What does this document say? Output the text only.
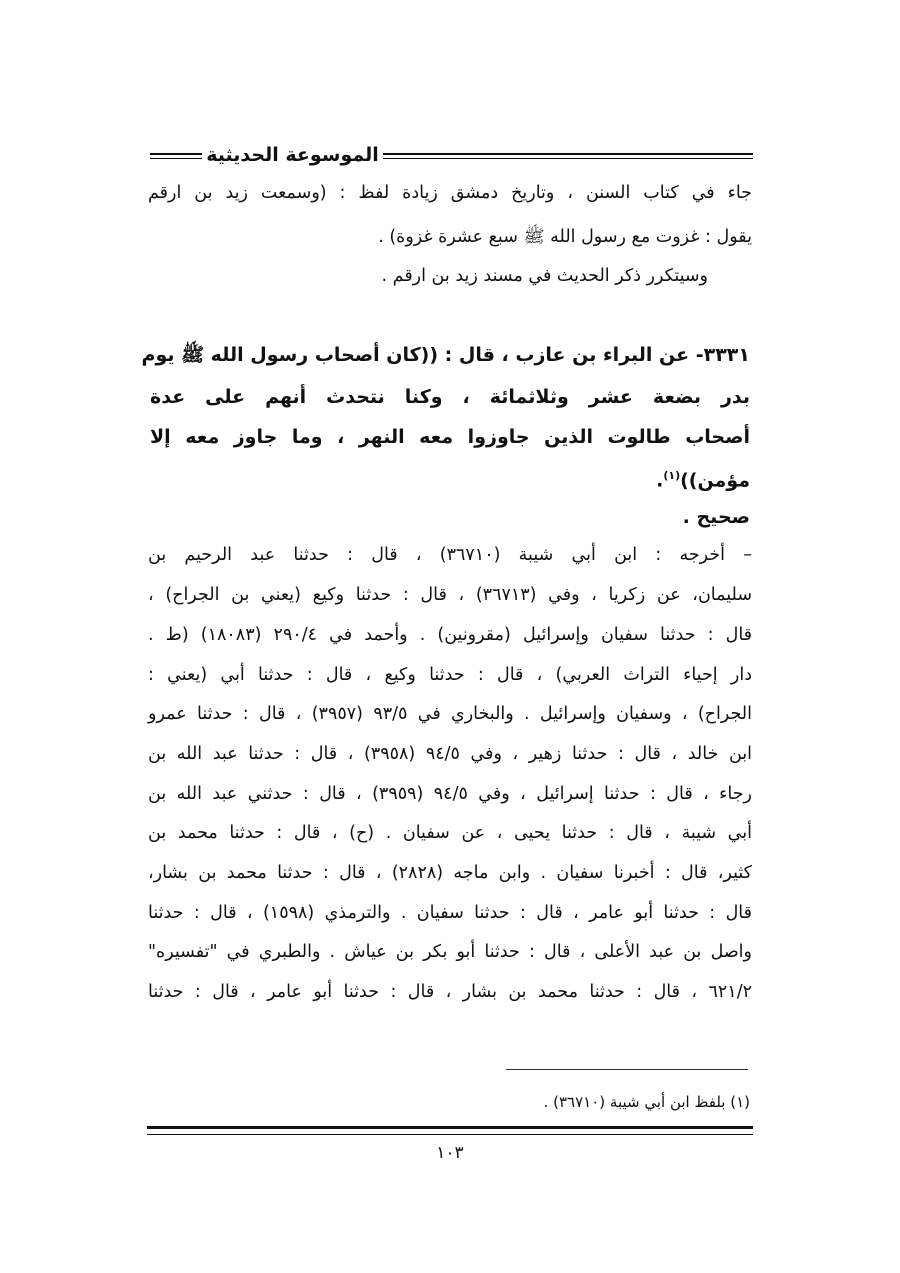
الموسوعة الحديثية
جاء في كتاب السنن ، وتاريخ دمشق زيادة لفظ : (وسمعت زيد بن ارقم
يقول : غزوت مع رسول الله ﷺ سبع عشرة غزوة) .
وسيتكرر ذكر الحديث في مسند زيد بن ارقم .
٣٣٣١- عن البراء بن عازب ، قال : ((كان أصحاب رسول الله ﷺ يوم
بدر بضعة عشر وثلاثمائة ، وكنا نتحدث أنهم على عدة
أصحاب طالوت الذين جاوزوا معه النهر ، وما جاوز معه إلا
مؤمن))$^{(١)}$.
صحيح .
– أخرجه : ابن أبي شيبة (٣٦٧١٠) ، قال : حدثنا عبد الرحيم بن
سليمان، عن زكريا ، وفي (٣٦٧١٣) ، قال : حدثنا وكيع (يعني بن الجراح) ،
قال : حدثنا سفيان وإسرائيل (مقرونين) . وأحمد في ٢٩٠/٤ (١٨٠٨٣) (ط .
دار إحياء التراث العربي) ، قال : حدثنا وكيع ، قال : حدثنا أبي (يعني :
الجراح) ، وسفيان وإسرائيل . والبخاري في ٩٣/٥ (٣٩٥٧) ، قال : حدثنا عمرو
ابن خالد ، قال : حدثنا زهير ، وفي ٩٤/٥ (٣٩٥٨) ، قال : حدثنا عبد الله بن
رجاء ، قال : حدثنا إسرائيل ، وفي ٩٤/٥ (٣٩٥٩) ، قال : حدثني عبد الله بن
أبي شيبة ، قال : حدثنا يحيى ، عن سفيان . (ح) ، قال : حدثنا محمد بن
كثير، قال : أخبرنا سفيان . وابن ماجه (٢٨٢٨) ، قال : حدثنا محمد بن بشار،
قال : حدثنا أبو عامر ، قال : حدثنا سفيان . والترمذي (١٥٩٨) ، قال : حدثنا
واصل بن عبد الأعلى ، قال : حدثنا أبو بكر بن عياش . والطبري في "تفسيره"
٦٢١/٢ ، قال : حدثنا محمد بن بشار ، قال : حدثنا أبو عامر ، قال : حدثنا
(١) بلفظ ابن أبي شيبة (٣٦٧١٠) .
١٠٣
